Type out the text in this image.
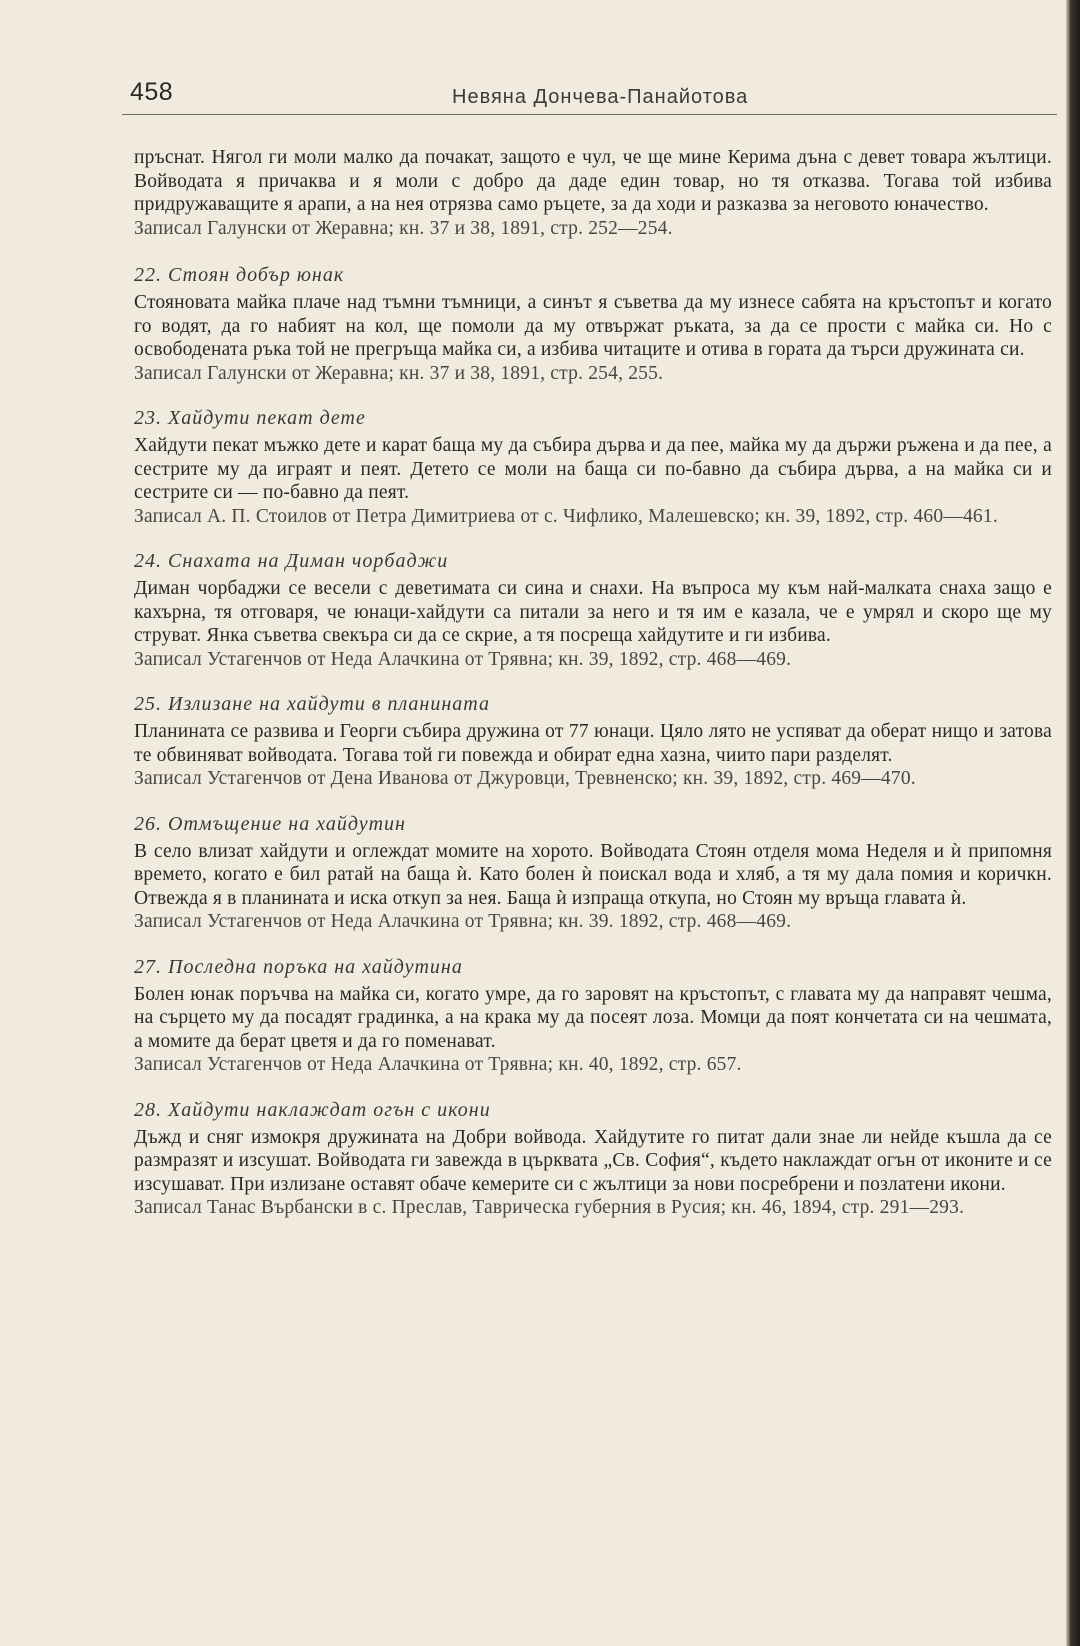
458	Невяна Дончева-Панайотова
пръснат. Нягол ги моли малко да почакат, защото е чул, че ще мине Керима дъна с девет товара жълтици. Войводата я причаква и я моли с добро да даде един товар, но тя отказва. Тогава той избива придружаващите я арапи, а на нея отрязва само ръцете, за да ходи и разказва за неговото юначество.
Записал Галунски от Жеравна; кн. 37 и 38, 1891, стр. 252—254.
22. Стоян добър юнак
Стояновата майка плаче над тъмни тъмници, а синът я съветва да му изнесе сабята на кръстопът и когато го водят, да го набият на кол, ще помоли да му отвържат ръката, за да се прости с майка си. Но с освободената ръка той не прегръща майка си, а избива читаците и отива в гората да търси дружината си.
Записал Галунски от Жеравна; кн. 37 и 38, 1891, стр. 254, 255.
23. Хайдути пекат дете
Хайдути пекат мъжко дете и карат баща му да събира дърва и да пее, майка му да държи ръжена и да пее, а сестрите му да играят и пеят. Детето се моли на баща си по-бавно да събира дърва, а на майка си и сестрите си — по-бавно да пеят.
Записал А. П. Стоилов от Петра Димитриева от с. Чифлико, Малешевско; кн. 39, 1892, стр. 460—461.
24. Снахата на Диман чорбаджи
Диман чорбаджи се весели с деветимата си сина и снахи. На въпроса му към най-малката снаха защо е кахърна, тя отговаря, че юнаци-хайдути са питали за него и тя им е казала, че е умрял и скоро ще му струват. Янка съветва свекъра си да се скрие, а тя посреща хайдутите и ги избива.
Записал Устагенчов от Неда Алачкина от Трявна; кн. 39, 1892, стр. 468—469.
25. Излизане на хайдути в планината
Планината се развива и Георги събира дружина от 77 юнаци. Цяло лято не успяват да оберат нищо и затова те обвиняват войводата. Тогава той ги повежда и обират една хазна, чиито пари разделят.
Записал Устагенчов от Дена Иванова от Джуровци, Тревненско; кн. 39, 1892, стр. 469—470.
26. Отмъщение на хайдутин
В село влизат хайдути и оглеждат момите на хорото. Войводата Стоян отделя мома Неделя и ѝ припомня времето, когато е бил ратай на баща ѝ. Като болен ѝ поискал вода и хляб, а тя му дала помия и коричкн. Отвежда я в планината и иска откуп за нея. Баща ѝ изпраща откупа, но Стоян му връща главата ѝ.
Записал Устагенчов от Неда Алачкина от Трявна; кн. 39. 1892, стр. 468—469.
27. Последна поръка на хайдутина
Болен юнак поръчва на майка си, когато умре, да го заровят на кръстопът, с главата му да направят чешма, на сърцето му да посадят градинка, а на крака му да посеят лоза. Момци да поят кончетата си на чешмата, а момите да берат цветя и да го поменават.
Записал Устагенчов от Неда Алачкина от Трявна; кн. 40, 1892, стр. 657.
28. Хайдути наклаждат огън с икони
Дъжд и сняг измокря дружината на Добри войвода. Хайдутите го питат дали знае ли нейде къшла да се размразят и изсушат. Войводата ги завежда в църквата „Св. София“, където наклаждат огън от иконите и се изсушават. При излизане оставят обаче кемерите си с жълтици за нови посребрени и позлатени икони.
Записал Танас Върбански в с. Преслав, Таврическа губерния в Русия; кн. 46, 1894, стр. 291—293.
